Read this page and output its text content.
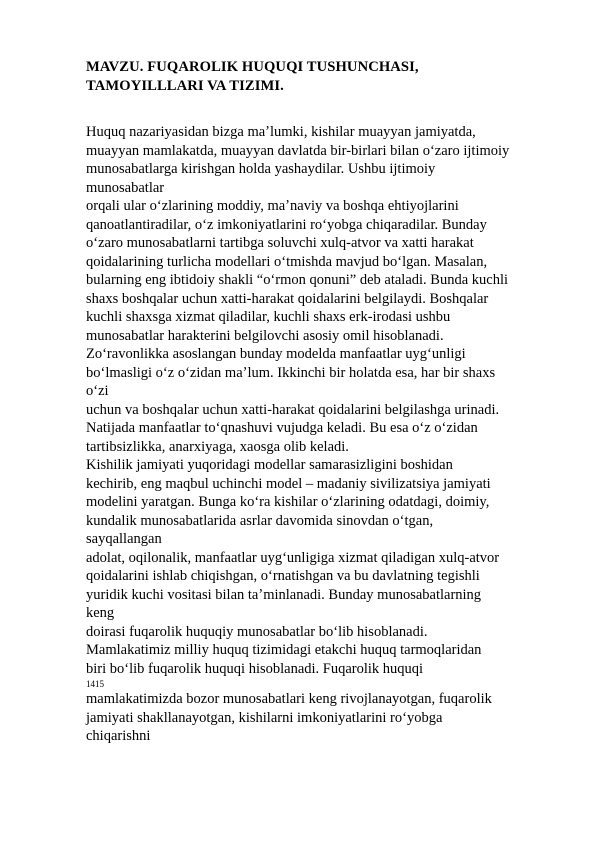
MAVZU. FUQAROLIK HUQUQI TUSHUNCHASI,
TAMOYILLLARI VA TIZIMI.
Huquq nazariyasidan bizga maʼlumki, kishilar muayyan jamiyatda,
muayyan mamlakatda, muayyan davlatda bir-birlari bilan oʻzaro ijtimoiy
munosabatlarga kirishgan holda yashaydilar. Ushbu ijtimoiy
munosabatlar
orqali ular oʻzlarining moddiy, maʼnaviy va boshqa ehtiyojlarini
qanoatlantiradilar, oʻz imkoniyatlarini roʻyobga chiqaradilar. Bunday
oʻzaro munosabatlarni tartibga soluvchi xulq-atvor va xatti harakat
qoidalarining turlicha modellari oʻtmishda mavjud boʻlgan. Masalan,
bularning eng ibtidoiy shakli “oʻrmon qonuni” deb ataladi. Bunda kuchli
shaxs boshqalar uchun xatti-harakat qoidalarini belgilaydi. Boshqalar
kuchli shaxsga xizmat qiladilar, kuchli shaxs erk-irodasi ushbu
munosabatlar harakterini belgilovchi asosiy omil hisoblanadi.
Zoʻravonlikka asoslangan bunday modelda manfaatlar uygʻunligi
boʻlmasligi oʻz oʻzidan maʼlum. Ikkinchi bir holatda esa, har bir shaxs
oʻzi
uchun va boshqalar uchun xatti-harakat qoidalarini belgilashga urinadi.
Natijada manfaatlar toʻqnashuvi vujudga keladi. Bu esa oʻz oʻzidan
tartibsizlikka, anarxiyaga, xaosga olib keladi.
Kishilik jamiyati yuqoridagi modellar samarasizligini boshidan
kechirib, eng maqbul uchinchi model – madaniy sivilizatsiya jamiyati
modelini yaratgan. Bunga koʻra kishilar oʻzlarining odatdagi, doimiy,
kundalik munosabatlarida asrlar davomida sinovdan oʻtgan,
sayqallangan
adolat, oqilonalik, manfaatlar uygʻunligiga xizmat qiladigan xulq-atvor
qoidalarini ishlab chiqishgan, oʻrnatishgan va bu davlatning tegishli
yuridik kuchi vositasi bilan taʼminlanadi. Bunday munosabatlarning
keng
doirasi fuqarolik huquqiy munosabatlar boʻlib hisoblanadi.
Mamlakatimiz milliy huquq tizimidagi etakchi huquq tarmoqlaridan
biri boʻlib fuqarolik huquqi hisoblanadi. Fuqarolik huquqi
1415
mamlakatimizda bozor munosabatlari keng rivojlanayotgan, fuqarolik
jamiyati shakllanayotgan, kishilarni imkoniyatlarini roʻyobga
chiqarishni
